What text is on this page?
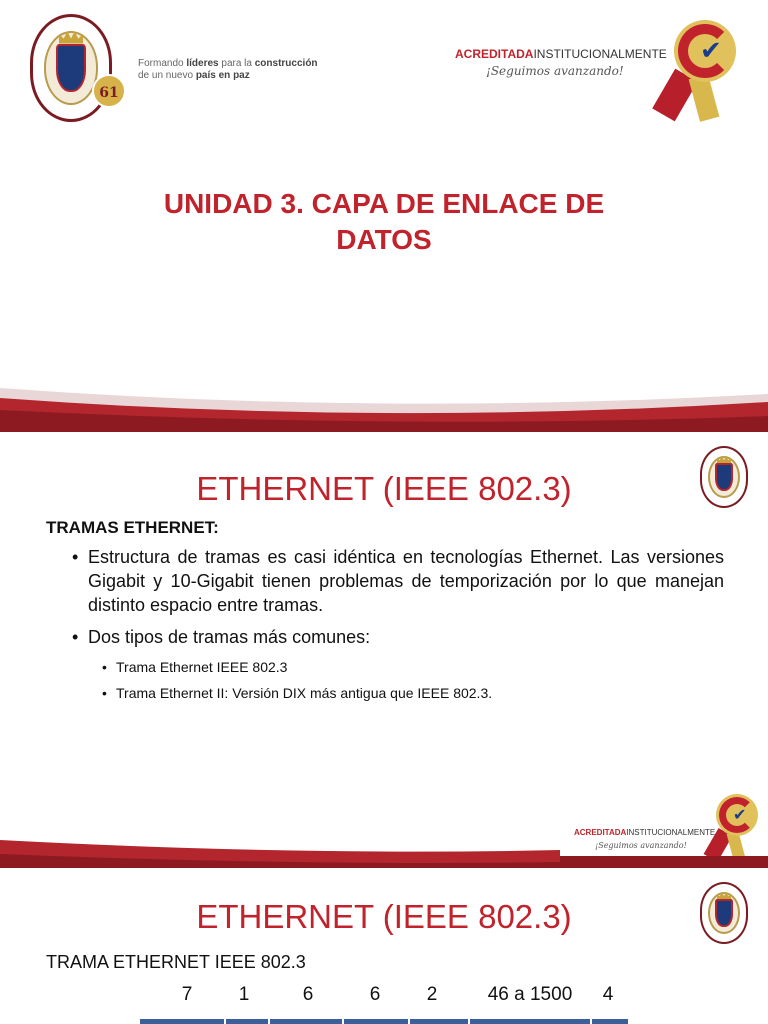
61
Formando líderes para la construcción
de un nuevo país en paz
ACREDITADAINSTITUCIONALMENTE
¡Seguimos avanzando!
✔
UNIDAD 3. CAPA DE ENLACE DE
DATOS
ETHERNET (IEEE 802.3)
TRAMAS ETHERNET:
• Estructura de tramas es casi idéntica en tecnologías Ethernet. Las versiones Gigabit y 10-Gigabit tienen problemas de temporización por lo que manejan distinto espacio entre tramas.
• Dos tipos de tramas más comunes:
• Trama Ethernet IEEE 802.3
• Trama Ethernet II: Versión DIX más antigua que IEEE 802.3.
ACREDITADAINSTITUCIONALMENTE
¡Seguimos avanzando!
✔
ETHERNET (IEEE 802.3)
TRAMA ETHERNET IEEE 802.3
7	1	6	6	2	46 a 1500	4
